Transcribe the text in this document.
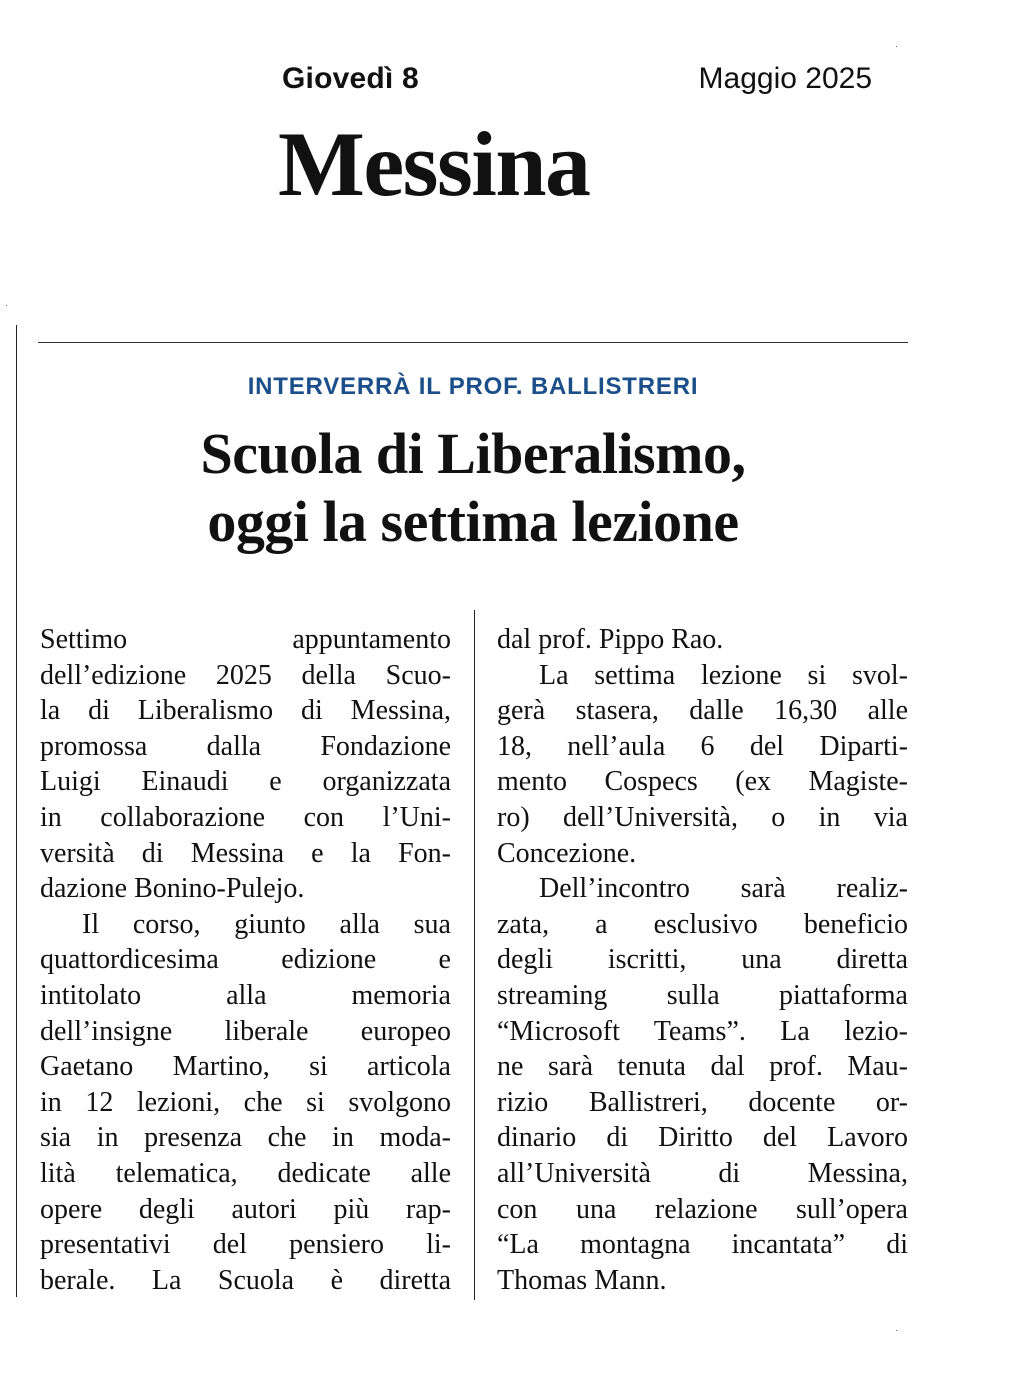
Giovedì 8	Maggio 2025
Messina
INTERVERRÀ IL PROF. BALLISTRERI
Scuola di Liberalismo,
oggi la settima lezione

Settimo appuntamento
dell’edizione 2025 della Scuo-
la di Liberalismo di Messina,
promossa dalla Fondazione
Luigi Einaudi e organizzata
in collaborazione con l’Uni-
versità di Messina e la Fon-
dazione Bonino-Pulejo.

Il corso, giunto alla sua
quattordicesima edizione e
intitolato alla memoria
dell’insigne liberale europeo
Gaetano Martino, si articola
in 12 lezioni, che si svolgono
sia in presenza che in moda-
lità telematica, dedicate alle
opere degli autori più rap-
presentativi del pensiero li-
berale. La Scuola è diretta

dal prof. Pippo Rao.

La settima lezione si svol-
gerà stasera, dalle 16,30 alle
18, nell’aula 6 del Diparti-
mento Cospecs (ex Magiste-
ro) dell’Università, o in via
Concezione.

Dell’incontro sarà realiz-
zata, a esclusivo beneficio
degli iscritti, una diretta
streaming sulla piattaforma
“Microsoft Teams”. La lezio-
ne sarà tenuta dal prof. Mau-
rizio Ballistreri, docente or-
dinario di Diritto del Lavoro
all’Università di Messina,
con una relazione sull’opera
“La montagna incantata” di
Thomas Mann.
